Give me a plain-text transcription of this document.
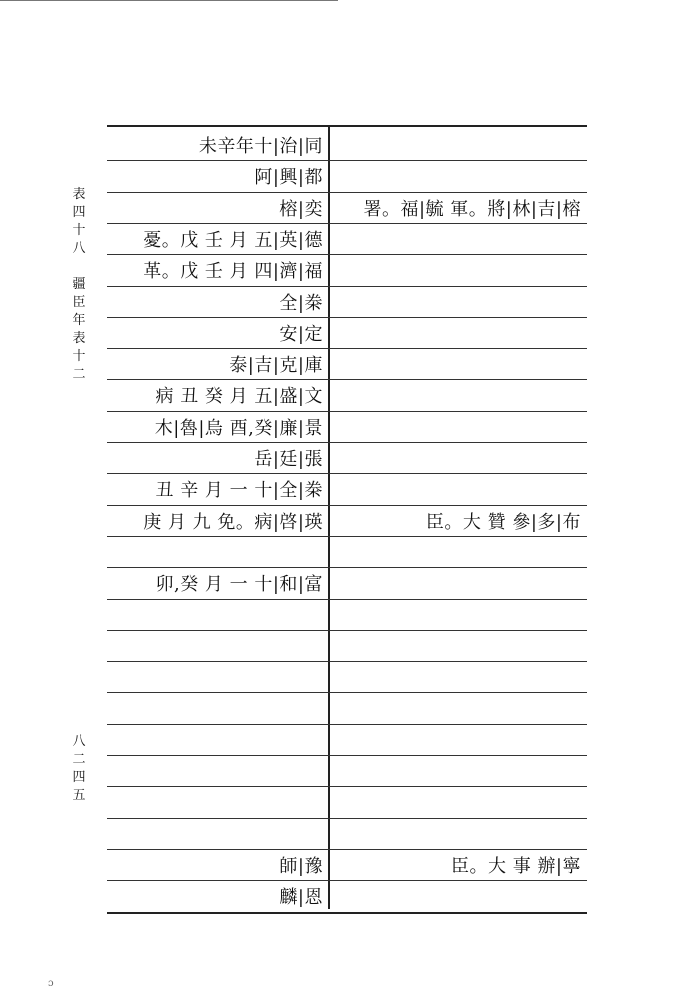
表
四
十
八

疆
臣
年
表
十
二
八
二
四
五
未辛年十|治|同
阿|興|都
榕|奕	署。福|毓 軍。將|林|吉|榕
憂。戊 壬 月 五|英|德
革。戊 壬 月 四|濟|福
全|桊
安|定
泰|吉|克|庫
病 丑 癸 月 五|盛|文
木|魯|烏 酉,癸|廉|景
岳|廷|張
丑 辛 月 一 十|全|桊
庚 月 九 免。病|啓|瑛	臣。大 贊 參|多|布
卯,癸 月 一 十|和|富
師|豫	臣。大 事 辦|寧
麟|恩
ɔ
